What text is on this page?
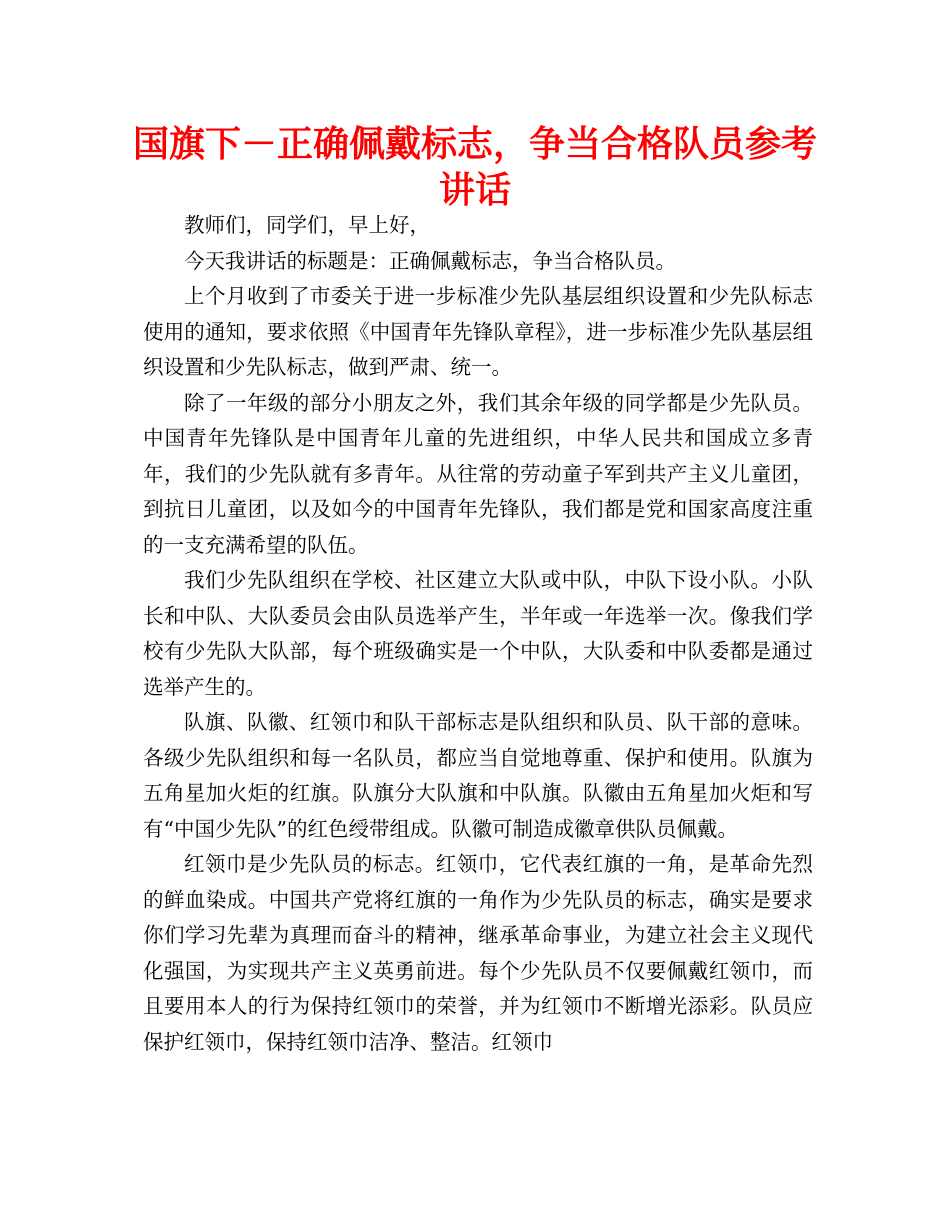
国旗下－正确佩戴标志，争当合格队员参考讲话

教师们，同学们，早上好，

今天我讲话的标题是：正确佩戴标志，争当合格队员。

上个月收到了市委关于进一步标准少先队基层组织设置和少先队标志使用的通知，要求依照《中国青年先锋队章程》，进一步标准少先队基层组织设置和少先队标志，做到严肃、统一。

除了一年级的部分小朋友之外，我们其余年级的同学都是少先队员。中国青年先锋队是中国青年儿童的先进组织，中华人民共和国成立多青年，我们的少先队就有多青年。从往常的劳动童子军到共产主义儿童团，到抗日儿童团，以及如今的中国青年先锋队，我们都是党和国家高度注重的一支充满希望的队伍。

我们少先队组织在学校、社区建立大队或中队，中队下设小队。小队长和中队、大队委员会由队员选举产生，半年或一年选举一次。像我们学校有少先队大队部，每个班级确实是一个中队，大队委和中队委都是通过选举产生的。

队旗、队徽、红领巾和队干部标志是队组织和队员、队干部的意味。各级少先队组织和每一名队员，都应当自觉地尊重、保护和使用。队旗为五角星加火炬的红旗。队旗分大队旗和中队旗。队徽由五角星加火炬和写有“中国少先队”的红色绶带组成。队徽可制造成徽章供队员佩戴。

红领巾是少先队员的标志。红领巾，它代表红旗的一角，是革命先烈的鲜血染成。中国共产党将红旗的一角作为少先队员的标志，确实是要求你们学习先辈为真理而奋斗的精神，继承革命事业，为建立社会主义现代化强国，为实现共产主义英勇前进。每个少先队员不仅要佩戴红领巾，而且要用本人的行为保持红领巾的荣誉，并为红领巾不断增光添彩。队员应保护红领巾，保持红领巾洁净、整洁。红领巾
